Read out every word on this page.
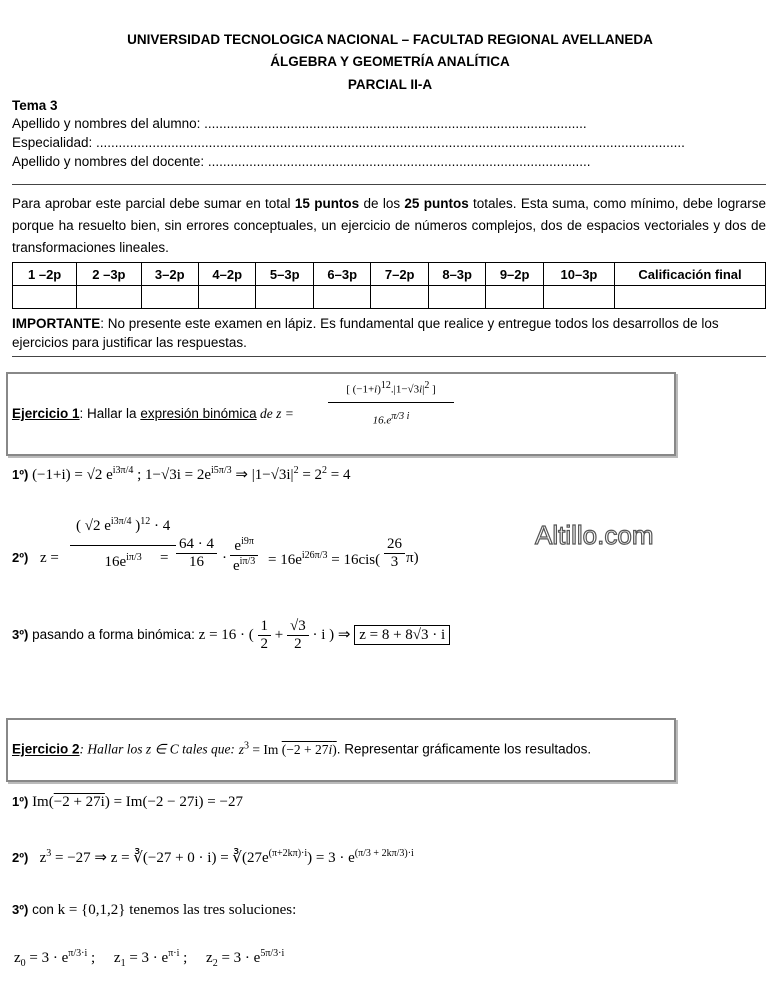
UNIVERSIDAD TECNOLOGICA NACIONAL – FACULTAD REGIONAL AVELLANEDA
ÁLGEBRA Y GEOMETRÍA ANALÍTICA
PARCIAL II-A
Tema 3
Apellido y nombres del alumno: ......................................................................................................
Especialidad: .............................................................................................................................................................
Apellido y nombres del docente: ......................................................................................................
Para aprobar este parcial debe sumar en total 15 puntos de los 25 puntos totales. Esta suma, como mínimo, debe lograrse porque ha resuelto bien, sin errores conceptuales, un ejercicio de números complejos, dos de espacios vectoriales y dos de transformaciones lineales.
1 –2p	2 –3p	3–2p	4–2p	5–3p	6–3p	7–2p	8–3p	9–2p	10–3p	Calificación final

IMPORTANTE: No presente este examen en lápiz. Es fundamental que realice y entregue todos los desarrollos de los ejercicios para justificar las respuestas.
Ejercicio 1: Hallar la expresión binómica de z =
[ (−1+i)12.|1−√3i|2 ]
16.eπ/3 i
1º) (−1+i) = √2 $e^{i3\pi/4}$ ; $1-√3i = 2e^{i5\pi/3}$ ⇒ $|1-√3i|^2 = 2^2 = 4$
2º) z =
( √2 $e^{i3\pi/4}$ )$^{12}$ · 4
$16e^{i\pi/3}$	= $\frac{64 \cdot 4}{16}$ ·
$e^{i9\pi}$
$e^{i\pi/3} = 16e^{i26\pi/3} = 16cis( \frac{26}{3} \pi)$
Altillo.com
3º) pasando a forma binómica: z = 16 · ( $\frac{1}{2} + \frac{√3}{2} \cdot i$ ) ⇒ z = 8 + 8√3 · i
Ejercicio 2: Hallar los z ∈ C tales que: $z^3 = Im$ (−2 + 27i). Representar gráficamente los resultados.
1º) Im(−2 + 27i) = Im(−2 − 27i) = −27
2º)   $z^3 = -27$ ⇒ z = ∛(−27 + $0 \cdot i) = ∛(27e^{(\pi+2k\pi)\cdot i}) = 3 \cdot e^{(\pi/3 + 2k\pi/3)\cdot i}$
3º) con k = {0,1,2} tenemos las tres soluciones:
$z_0 = 3 \cdot e^{\pi/3\cdot i}$ ;     $z_1 = 3 \cdot e^{\pi\cdot i}$ ;     $z_2 = 3 \cdot e^{5\pi/3\cdot i}$
